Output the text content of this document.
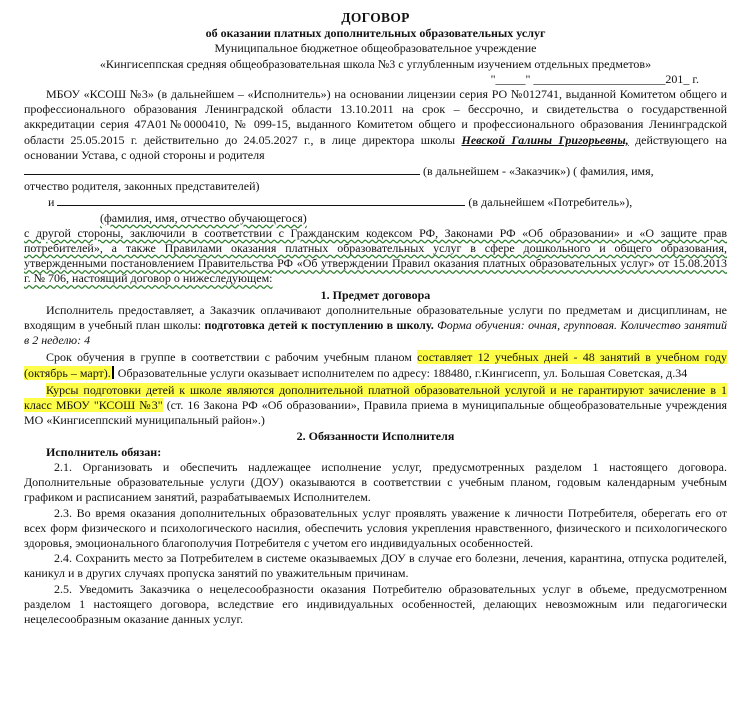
ДОГОВОР

об оказании платных дополнительных образовательных услуг

Муниципальное бюджетное общеобразовательное учреждение

«Кингисеппская средняя общеобразовательная школа №3 с углубленным изучением отдельных предметов»

"_____" ______________________201_ г.

МБОУ «КСОШ №3» (в дальнейшем – «Исполнитель») на основании лицензии серия РО №012741, выданной Комитетом общего и профессионального образования Ленинградской области 13.10.2011 на срок – бессрочно, и свидетельства о государственной аккредитации серия 47А01№0000410, № 099-15, выданного Комитетом общего и профессионального образования Ленинградской области 25.05.2015 г. действительно до 24.05.2027 г., в лице директора школы Невской Галины Григорьевны, действующего на основании Устава, с одной стороны и родителя

(в дальнейшем - «Заказчик») ( фамилия, имя,

отчество родителя, законных представителей)

и	(в дальнейшем «Потребитель»),

(фамилия, имя, отчество обучающегося)

с другой стороны, заключили в соответствии с Гражданским кодексом РФ, Законами РФ «Об образовании» и «О защите прав потребителей», а также Правилами оказания платных образовательных услуг в сфере дошкольного и общего образования, утвержденными постановлением Правительства РФ «Об утверждении Правил оказания платных образовательных услуг» от 15.08.2013 г. № 706, настоящий договор о нижеследующем:

1. Предмет договора

Исполнитель предоставляет, а Заказчик оплачивают дополнительные образовательные услуги по предметам и дисциплинам, не входящим в учебный план школы: подготовка детей к поступлению в школу. Форма обучения: очная, групповая. Количество занятий в 2 неделю: 4

Срок обучения в группе в соответствии с рабочим учебным планом составляет 12 учебных дней - 48 занятий в учебном году (октябрь – март). Образовательные услуги оказывает исполнителем по адресу: 188480, г.Кингисепп, ул. Большая Советская, д.34

Курсы подготовки детей к школе являются дополнительной платной образовательной услугой и не гарантируют зачисление в 1 класс МБОУ "КСОШ №3" (ст. 16 Закона РФ «Об образовании», Правила приема в муниципальные общеобразовательные учреждения МО «Кингисеппский муниципальный район».)

2. Обязанности Исполнителя

Исполнитель обязан:

2.1. Организовать и обеспечить надлежащее исполнение услуг, предусмотренных разделом 1 настоящего договора. Дополнительные образовательные услуги (ДОУ) оказываются в соответствии с учебным планом, годовым календарным учебным графиком и расписанием занятий, разрабатываемых Исполнителем.

2.3. Во время оказания дополнительных образовательных услуг проявлять уважение к личности Потребителя, оберегать его от всех форм физического и психологического насилия, обеспечить условия укрепления нравственного, физического и психологического здоровья, эмоционального благополучия Потребителя с учетом его индивидуальных особенностей.

2.4. Сохранить место за Потребителем в системе оказываемых ДОУ в случае его болезни, лечения, карантина, отпуска родителей, каникул и в других случаях пропуска занятий по уважительным причинам.

2.5. Уведомить Заказчика о нецелесообразности оказания Потребителю образовательных услуг в объеме, предусмотренном разделом 1 настоящего договора, вследствие его индивидуальных особенностей, делающих невозможным или педагогически нецелесообразным оказание данных услуг.
